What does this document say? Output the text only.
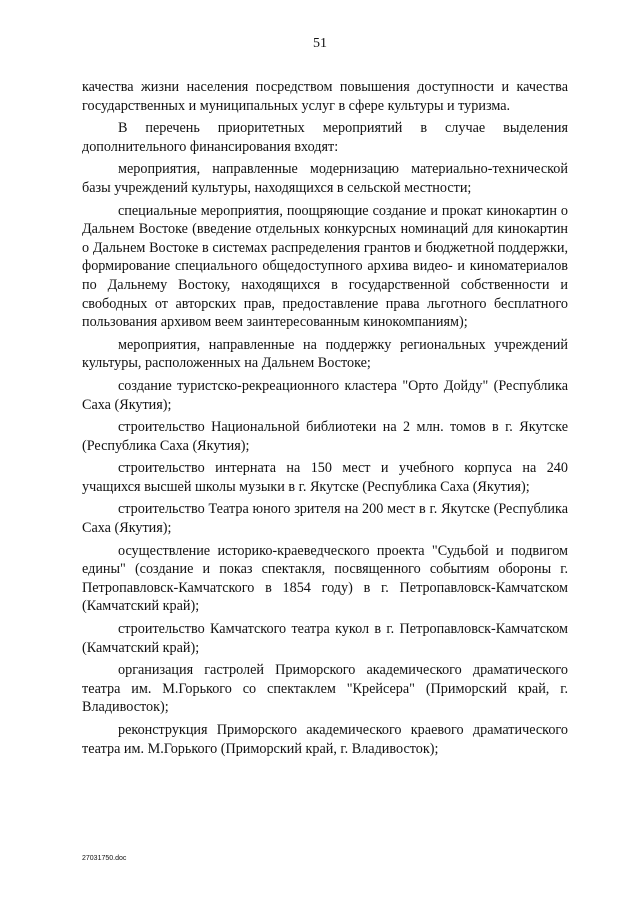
51

качества жизни населения посредством повышения доступности и качества государственных и муниципальных услуг в сфере культуры и туризма.

В перечень приоритетных мероприятий в случае выделения дополнительного финансирования входят:

мероприятия, направленные модернизацию материально-технической базы учреждений культуры, находящихся в сельской местности;

специальные мероприятия, поощряющие создание и прокат кинокартин о Дальнем Востоке (введение отдельных конкурсных номинаций для кинокартин о Дальнем Востоке в системах распределения грантов и бюджетной поддержки, формирование специального общедоступного архива видео- и киноматериалов по Дальнему Востоку, находящихся в государственной собственности и свободных от авторских прав, предоставление права льготного бесплатного пользования архивом веем заинтересованным кинокомпаниям);

мероприятия, направленные на поддержку региональных учреждений культуры, расположенных на Дальнем Востоке;

создание туристско-рекреационного кластера "Орто Дойду" (Республика Саха (Якутия);

строительство Национальной библиотеки на 2 млн. томов в г. Якутске (Республика Саха (Якутия);

строительство интерната на 150 мест и учебного корпуса на 240 учащихся высшей школы музыки в г. Якутске (Республика Саха (Якутия);

строительство Театра юного зрителя на 200 мест в г. Якутске (Республика Саха (Якутия);

осуществление историко-краеведческого проекта "Судьбой и подвигом едины" (создание и показ спектакля, посвященного событиям обороны г. Петропавловск-Камчатского в 1854 году) в г. Петропавловск-Камчатском (Камчатский край);

строительство Камчатского театра кукол в г. Петропавловск-Камчатском (Камчатский край);

организация гастролей Приморского академического драматического театра им. М.Горького со спектаклем "Крейсера" (Приморский край, г. Владивосток);

реконструкция Приморского академического краевого драматического театра им. М.Горького (Приморский край, г. Владивосток);

27031750.doc
